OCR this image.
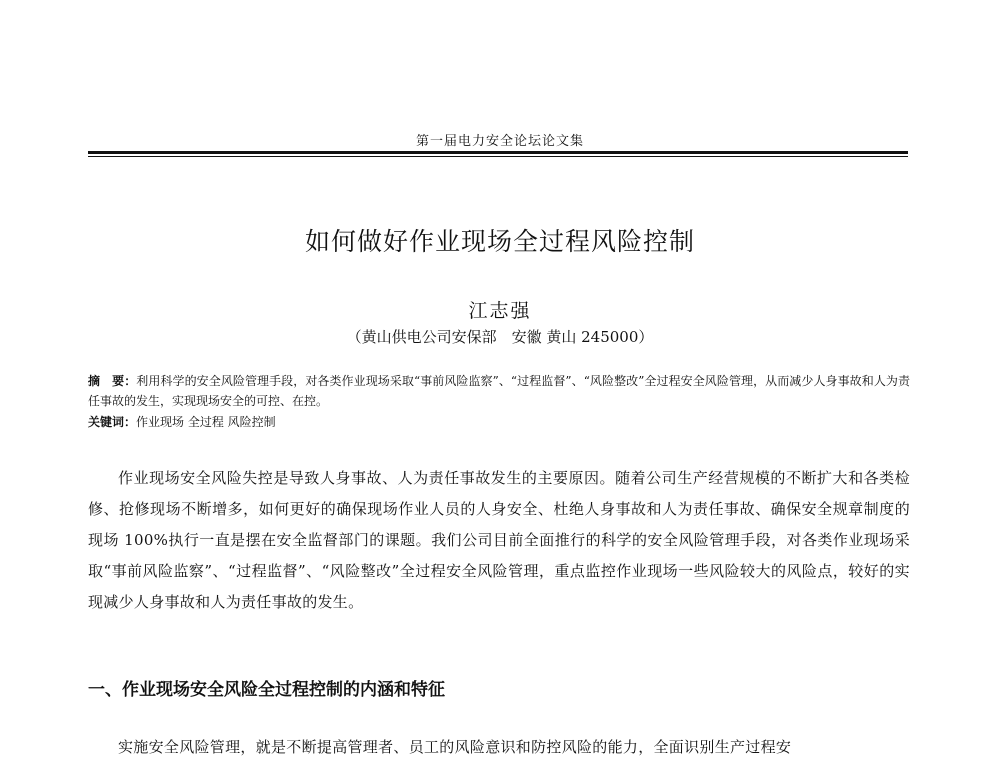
第一届电力安全论坛论文集
如何做好作业现场全过程风险控制
江志强
（黄山供电公司安保部　安徽 黄山 245000）
摘　要：利用科学的安全风险管理手段，对各类作业现场采取“事前风险监察”、“过程监督”、“风险整改”全过程安全风险管理，从而减少人身事故和人为责任事故的发生，实现现场安全的可控、在控。
关键词：作业现场 全过程 风险控制
作业现场安全风险失控是导致人身事故、人为责任事故发生的主要原因。随着公司生产经营规模的不断扩大和各类检修、抢修现场不断增多，如何更好的确保现场作业人员的人身安全、杜绝人身事故和人为责任事故、确保安全规章制度的现场 100%执行一直是摆在安全监督部门的课题。我们公司目前全面推行的科学的安全风险管理手段，对各类作业现场采取“事前风险监察”、“过程监督”、“风险整改”全过程安全风险管理，重点监控作业现场一些风险较大的风险点，较好的实现减少人身事故和人为责任事故的发生。
一、作业现场安全风险全过程控制的内涵和特征
实施安全风险管理，就是不断提高管理者、员工的风险意识和防控风险的能力，全面识别生产过程安
